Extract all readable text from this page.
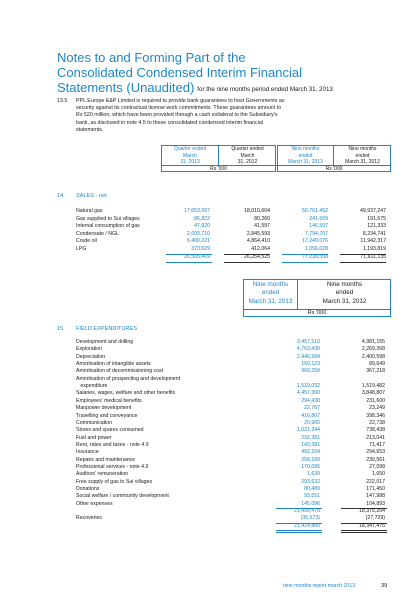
Notes to and Forming Part of the
Consolidated Condensed Interim Financial
Statements (Unaudited) for the nine months period ended March 31, 2013
13.5 PPL Europe E&P Limited is required to provide bank guarantees to host Governments as
security against its contractual license work commitments. These guarantees amount to
Rs 520 million, which have been provided through a cash collateral to the Subsidiary's
bank, as disclosed in note 4.5 to these consolidated condensed interim financial
statements.
Quarter ended
March
31, 2013
Quarter ended
March
31, 2012
Nine months
ended
March 31, 2013
Nine months
ended
March 31, 2012
Rs '000	Rs '000
14. SALES - net
Natural gas	17,053,067	18,010,604	50,761,452	49,937,247
Gas supplied to Sui villages	86,822	80,260	241,609	191,675
Internal consumption of gas	47,920	41,597	146,597	121,333
Condensate / NGL	2,603,710	2,845,593	7,794,707	8,234,741
Crude oil	6,400,221	4,864,410	17,249,076	11,942,317
LPG	373,629	412,064	1,056,028	1,193,819
26,565,469	26,254,525	77,238,558	71,611,135
Nine months
ended
March 31, 2013
Nine months
ended
March 31, 2012
Rs '000
15. FIELD EXPENDITURES
Development and drilling	3,457,510	4,981,155
Exploration	4,753,430	2,269,268
Depreciation	2,446,584	2,400,598
Amortisation of intangible assets	150,123	89,649
Amortisation of decommissioning cost	969,250	367,218
Amortisation of prospecting and development
expenditure	1,519,032	1,519,482
Salaries, wages, welfare and other benefits	4,457,360	3,848,807
Employees' medical benefits	294,438	231,600
Manpower development	22,767	23,249
Travelling and conveyance	416,807	398,346
Communication	20,905	22,738
Stores and spares consumed	1,021,344	738,438
Fuel and power	232,381	213,041
Rent, rates and taxes - note 4.9	143,381	71,417
Insurance	492,204	294,653
Repairs and maintenance	258,109	230,561
Professional services - note 4.9	170,086	27,098
Auditors' remuneration	1,639	1,650
Free supply of gas to Sui villages	293,632	222,017
Donations	80,489	171,450
Social welfare / community development	93,551	147,988
Other expenses	145,096	104,893
21,450,478	18,375,204
Recoveries	(35,673)	(27,729)
21,414,805	18,347,475
nine months report march 2013	39
